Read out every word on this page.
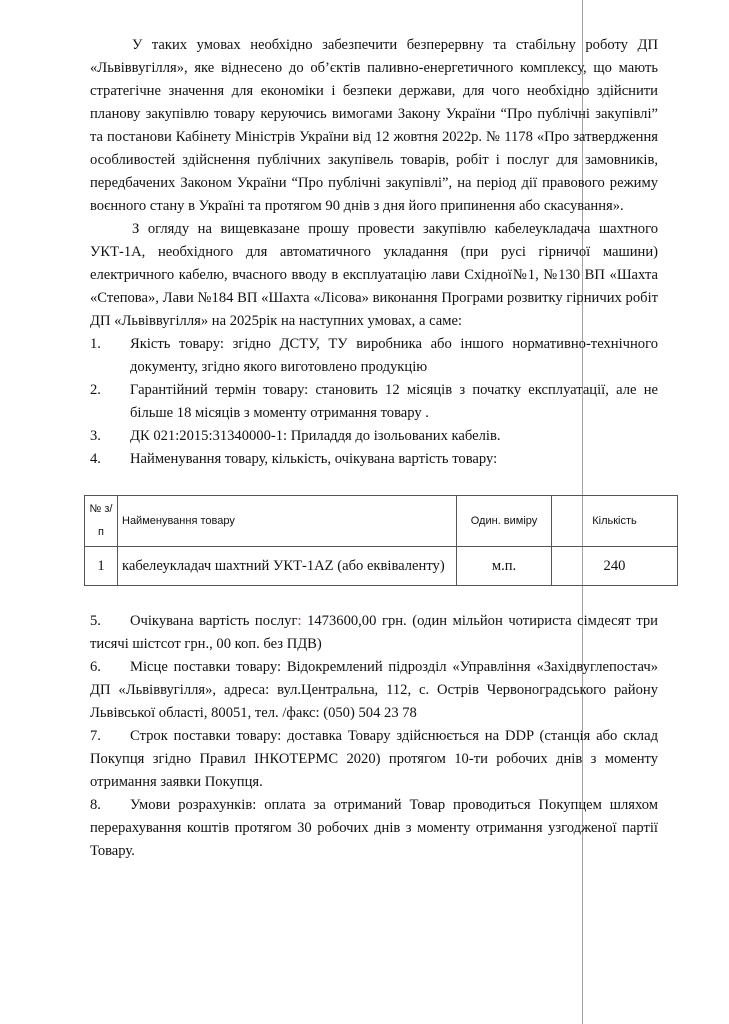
У таких умовах необхідно забезпечити безперервну та стабільну роботу ДП «Львіввугілля», яке віднесено до об’єктів паливно-енергетичного комплексу, що мають стратегічне значення для економіки і безпеки держави, для чого необхідно здійснити планову закупівлю товару керуючись вимогами Закону України “Про публічні закупівлі” та постанови Кабінету Міністрів України від 12 жовтня 2022р. № 1178 «Про затвердження особливостей здійснення публічних закупівель товарів, робіт і послуг для замовників, передбачених Законом України “Про публічні закупівлі”, на період дії правового режиму воєнного стану в Україні та протягом 90 днів з дня його припинення або скасування».

З огляду на вищевказане прошу провести закупівлю кабелеукладача шахтного УКТ-1А, необхідного для автоматичного укладання (при русі гірничої машини) електричного кабелю, вчасного вводу в експлуатацію лави Східної№1, №130 ВП «Шахта «Степова», Лави №184 ВП «Шахта «Лісова» виконання Програми розвитку гірничих робіт ДП «Львіввугілля» на 2025рік на наступних умовах, а саме:

1.	Якість товару: згідно ДСТУ, ТУ виробника або іншого нормативно-технічного документу, згідно якого виготовлено продукцію
2.	Гарантійний термін товару: становить 12 місяців з початку експлуатації, але не більше 18 місяців з моменту отримання товару .
3.	ДК 021:2015:31340000-1: Приладдя до ізольованих кабелів.
4.	Найменування товару, кількість, очікувана вартість товару:
№ з/п	Найменування товару	Один. виміру	Кількість
1	кабелеукладач шахтний УКТ-1AZ (або еквіваленту)	м.п.	240

5. Очікувана вартість послуг: 1473600,00 грн. (один мільйон чотириста сімдесят три тисячі шістсот грн., 00 коп. без ПДВ)

6. Місце поставки товару: Відокремлений підрозділ «Управління «Західвуглепостач» ДП «Львіввугілля», адреса: вул.Центральна, 112, с. Острів Червоноградського району Львівської області, 80051, тел. /факс: (050) 504 23 78

7. Строк поставки товару: доставка Товару здійснюється на DDP (станція або склад Покупця згідно Правил ІНКОТЕРМС 2020) протягом 10-ти робочих днів з моменту отримання заявки Покупця.

8. Умови розрахунків: оплата за отриманий Товар проводиться Покупцем шляхом перерахування коштів протягом 30 робочих днів з моменту отримання узгодженої партії Товару.
